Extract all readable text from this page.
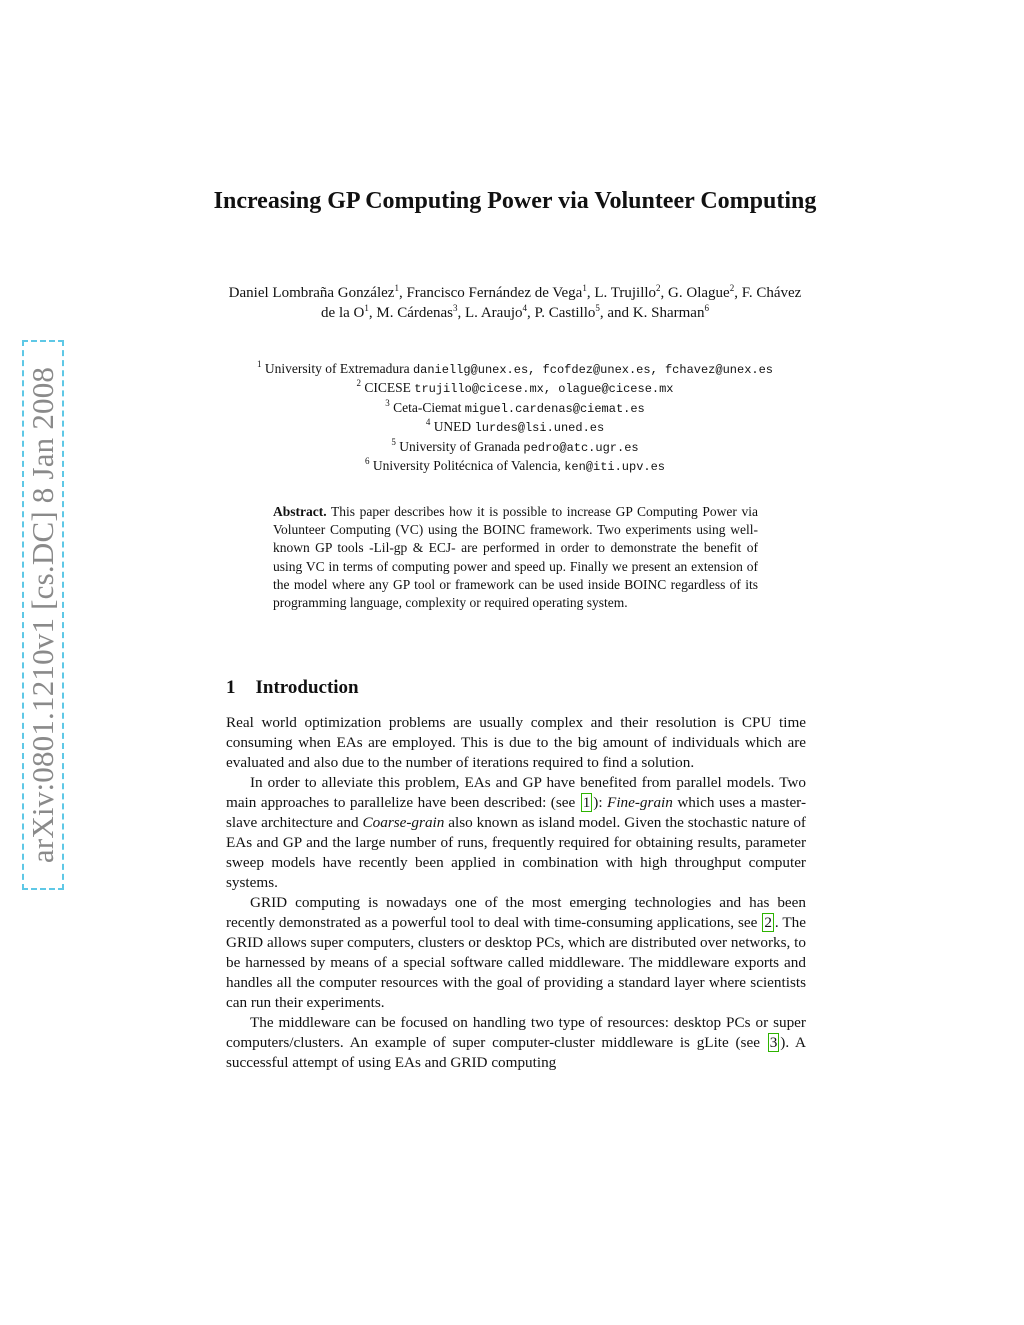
arXiv:0801.1210v1 [cs.DC] 8 Jan 2008
Increasing GP Computing Power via Volunteer Computing
Daniel Lombraña González$^1$, Francisco Fernández de Vega$^1$, L. Trujillo$^2$, G. Olague$^2$, F. Chávez de la $O^1$, M. Cárdenas$^3$, L. Araujo$^4$, P. Castillo$^5$, and K. Sharman$^6$
$^1$ University of Extremadura daniellg@unex.es, fcofdez@unex.es, fchavez@unex.es
$^2$ CICESE trujillo@cicese.mx, olague@cicese.mx
$^3$ Ceta-Ciemat miguel.cardenas@ciemat.es
$^4$ UNED lurdes@lsi.uned.es
$^5$ University of Granada pedro@atc.ugr.es
$^6$ University Politécnica of Valencia, ken@iti.upv.es
Abstract. This paper describes how it is possible to increase GP Computing Power via Volunteer Computing (VC) using the BOINC framework. Two experiments using well-known GP tools -Lil-gp & ECJ- are performed in order to demonstrate the benefit of using VC in terms of computing power and speed up. Finally we present an extension of the model where any GP tool or framework can be used inside BOINC regardless of its programming language, complexity or required operating system.
1 Introduction

Real world optimization problems are usually complex and their resolution is CPU time consuming when EAs are employed. This is due to the big amount of individuals which are evaluated and also due to the number of iterations required to find a solution.

In order to alleviate this problem, EAs and GP have benefited from parallel models. Two main approaches to parallelize have been described: (see 1 ): Fine-grain which uses a master-slave architecture and Coarse-grain also known as island model. Given the stochastic nature of EAs and GP and the large number of runs, frequently required for obtaining results, parameter sweep models have recently been applied in combination with high throughput computer systems.

GRID computing is nowadays one of the most emerging technologies and has been recently demonstrated as a powerful tool to deal with time-consuming applications, see 2 . The GRID allows super computers, clusters or desktop PCs, which are distributed over networks, to be harnessed by means of a special software called middleware. The middleware exports and handles all the computer resources with the goal of providing a standard layer where scientists can run their experiments.

The middleware can be focused on handling two type of resources: desktop PCs or super computers/clusters. An example of super computer-cluster middleware is gLite (see 3 ). A successful attempt of using EAs and GRID computing
